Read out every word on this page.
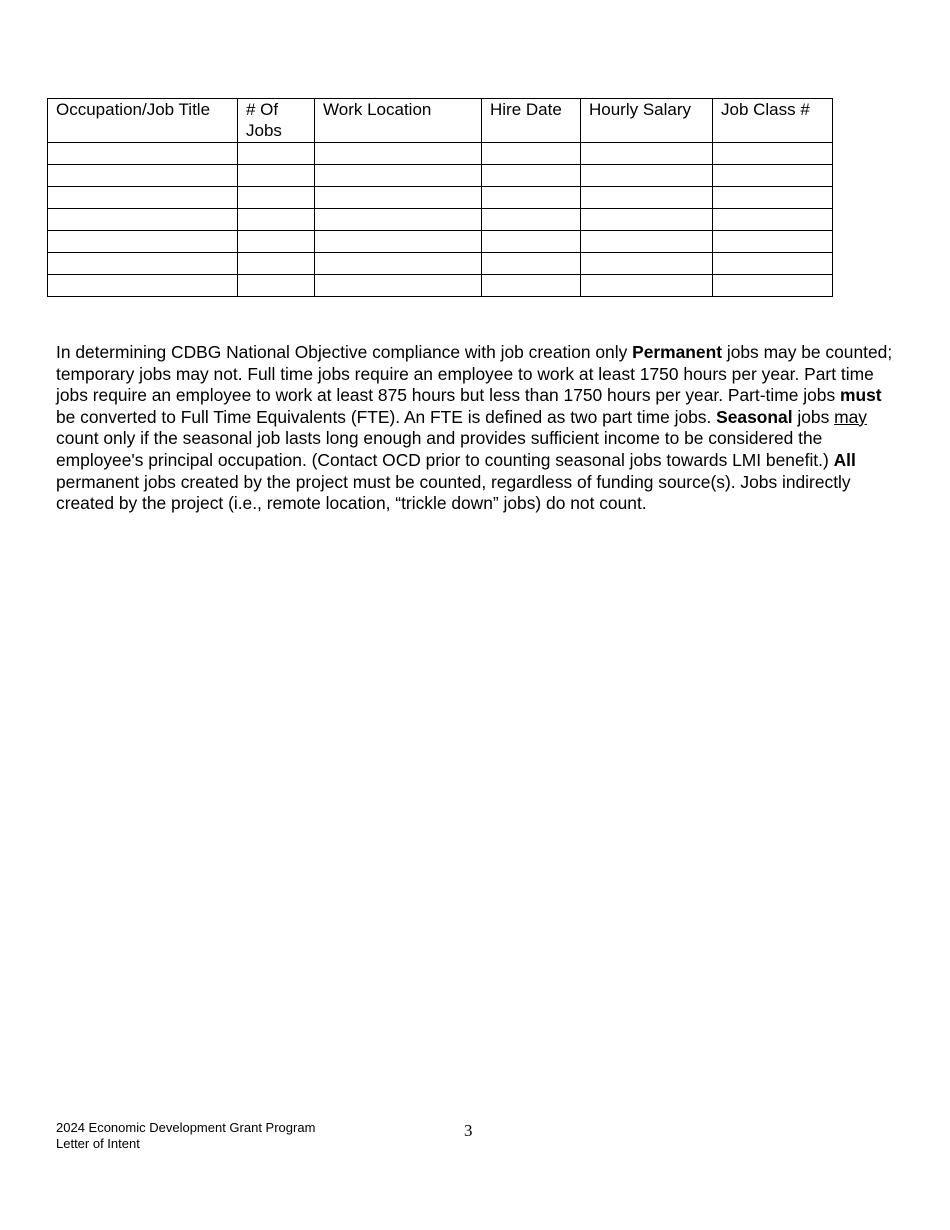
Occupation/Job Title	# Of Jobs	Work Location	Hire Date	Hourly Salary	Job Class #

In determining CDBG National Objective compliance with job creation only Permanent jobs may be counted; temporary jobs may not. Full time jobs require an employee to work at least 1750 hours per year. Part time jobs require an employee to work at least 875 hours but less than 1750 hours per year. Part-time jobs must be converted to Full Time Equivalents (FTE). An FTE is defined as two part time jobs. Seasonal jobs may count only if the seasonal job lasts long enough and provides sufficient income to be considered the employee's principal occupation. (Contact OCD prior to counting seasonal jobs towards LMI benefit.) All permanent jobs created by the project must be counted, regardless of funding source(s). Jobs indirectly created by the project (i.e., remote location, “trickle down” jobs) do not count.

2024 Economic Development Grant Program
Letter of Intent
3
